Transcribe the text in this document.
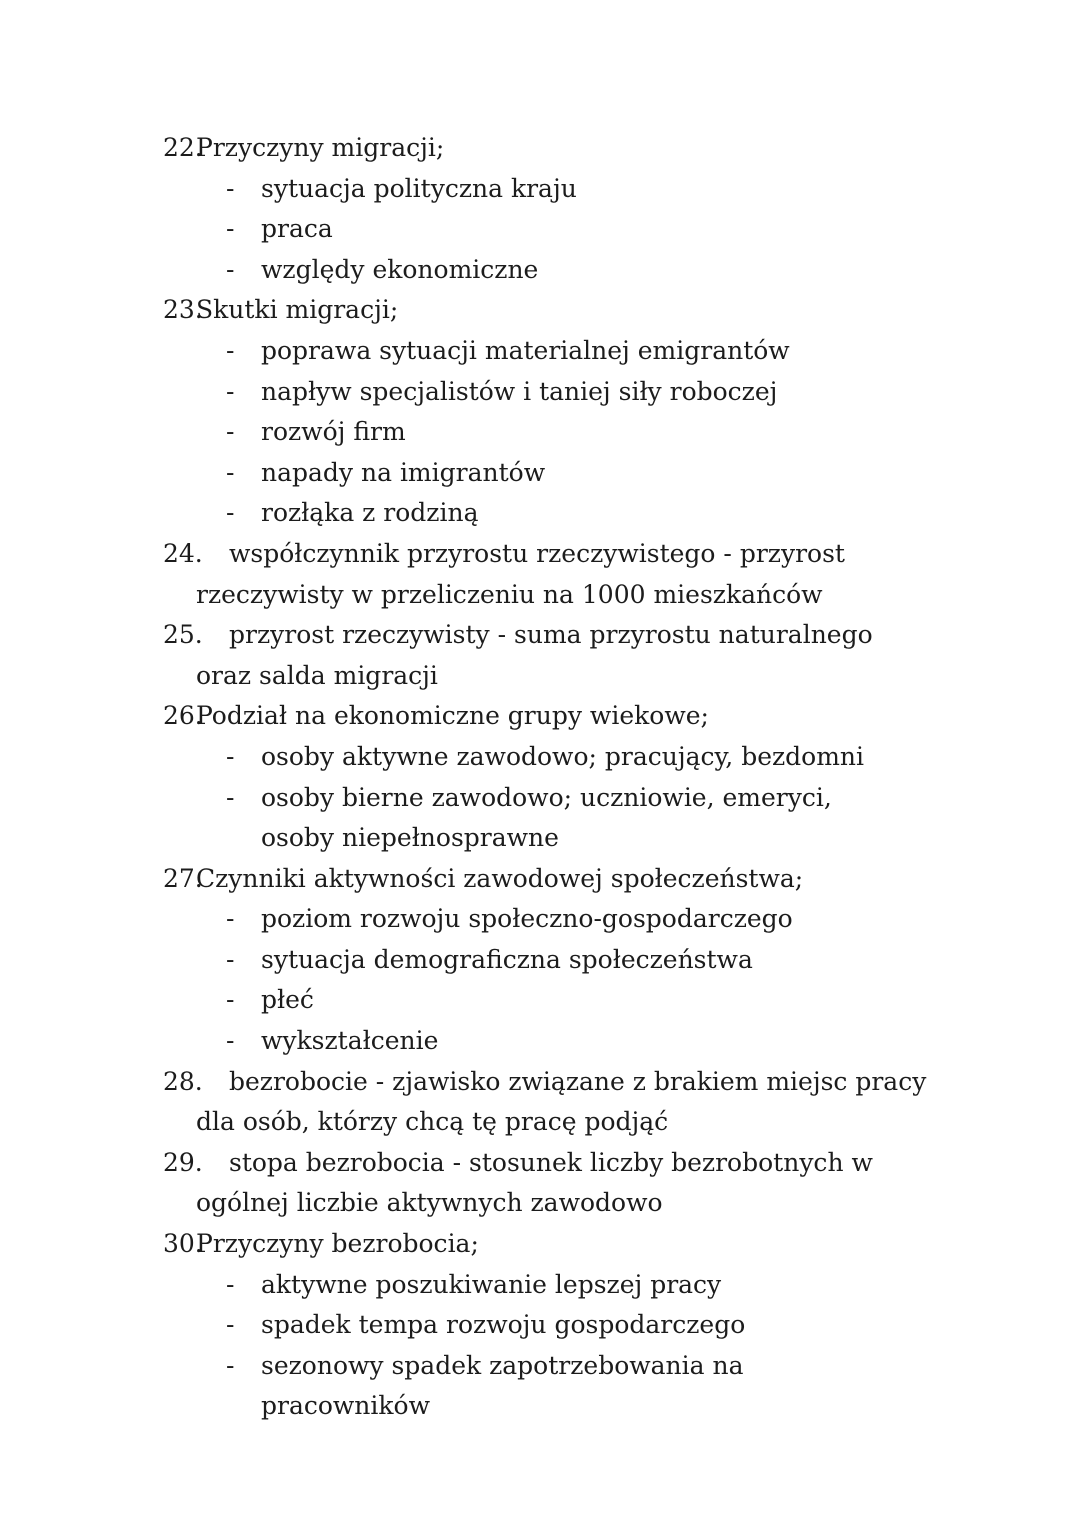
22.Przyczyny migracji;
- sytuacja polityczna kraju
- praca
- względy ekonomiczne
23.Skutki migracji;
- poprawa sytuacji materialnej emigrantów
- napływ specjalistów i taniej siły roboczej
- rozwój firm
- napady na imigrantów
- rozłąka z rodziną
24. współczynnik przyrostu rzeczywistego - przyrost rzeczywisty w przeliczeniu na 1000 mieszkańców
25. przyrost rzeczywisty - suma przyrostu naturalnego oraz salda migracji
26.Podział na ekonomiczne grupy wiekowe;
- osoby aktywne zawodowo; pracujący, bezdomni
- osoby bierne zawodowo; uczniowie, emeryci, osoby niepełnosprawne
27.Czynniki aktywności zawodowej społeczeństwa;
- poziom rozwoju społeczno-gospodarczego
- sytuacja demograficzna społeczeństwa
- płeć
- wykształcenie
28. bezrobocie - zjawisko związane z brakiem miejsc pracy dla osób, którzy chcą tę pracę podjąć
29. stopa bezrobocia - stosunek liczby bezrobotnych w ogólnej liczbie aktywnych zawodowo
30.Przyczyny bezrobocia;
- aktywne poszukiwanie lepszej pracy
- spadek tempa rozwoju gospodarczego
- sezonowy spadek zapotrzebowania na pracowników
